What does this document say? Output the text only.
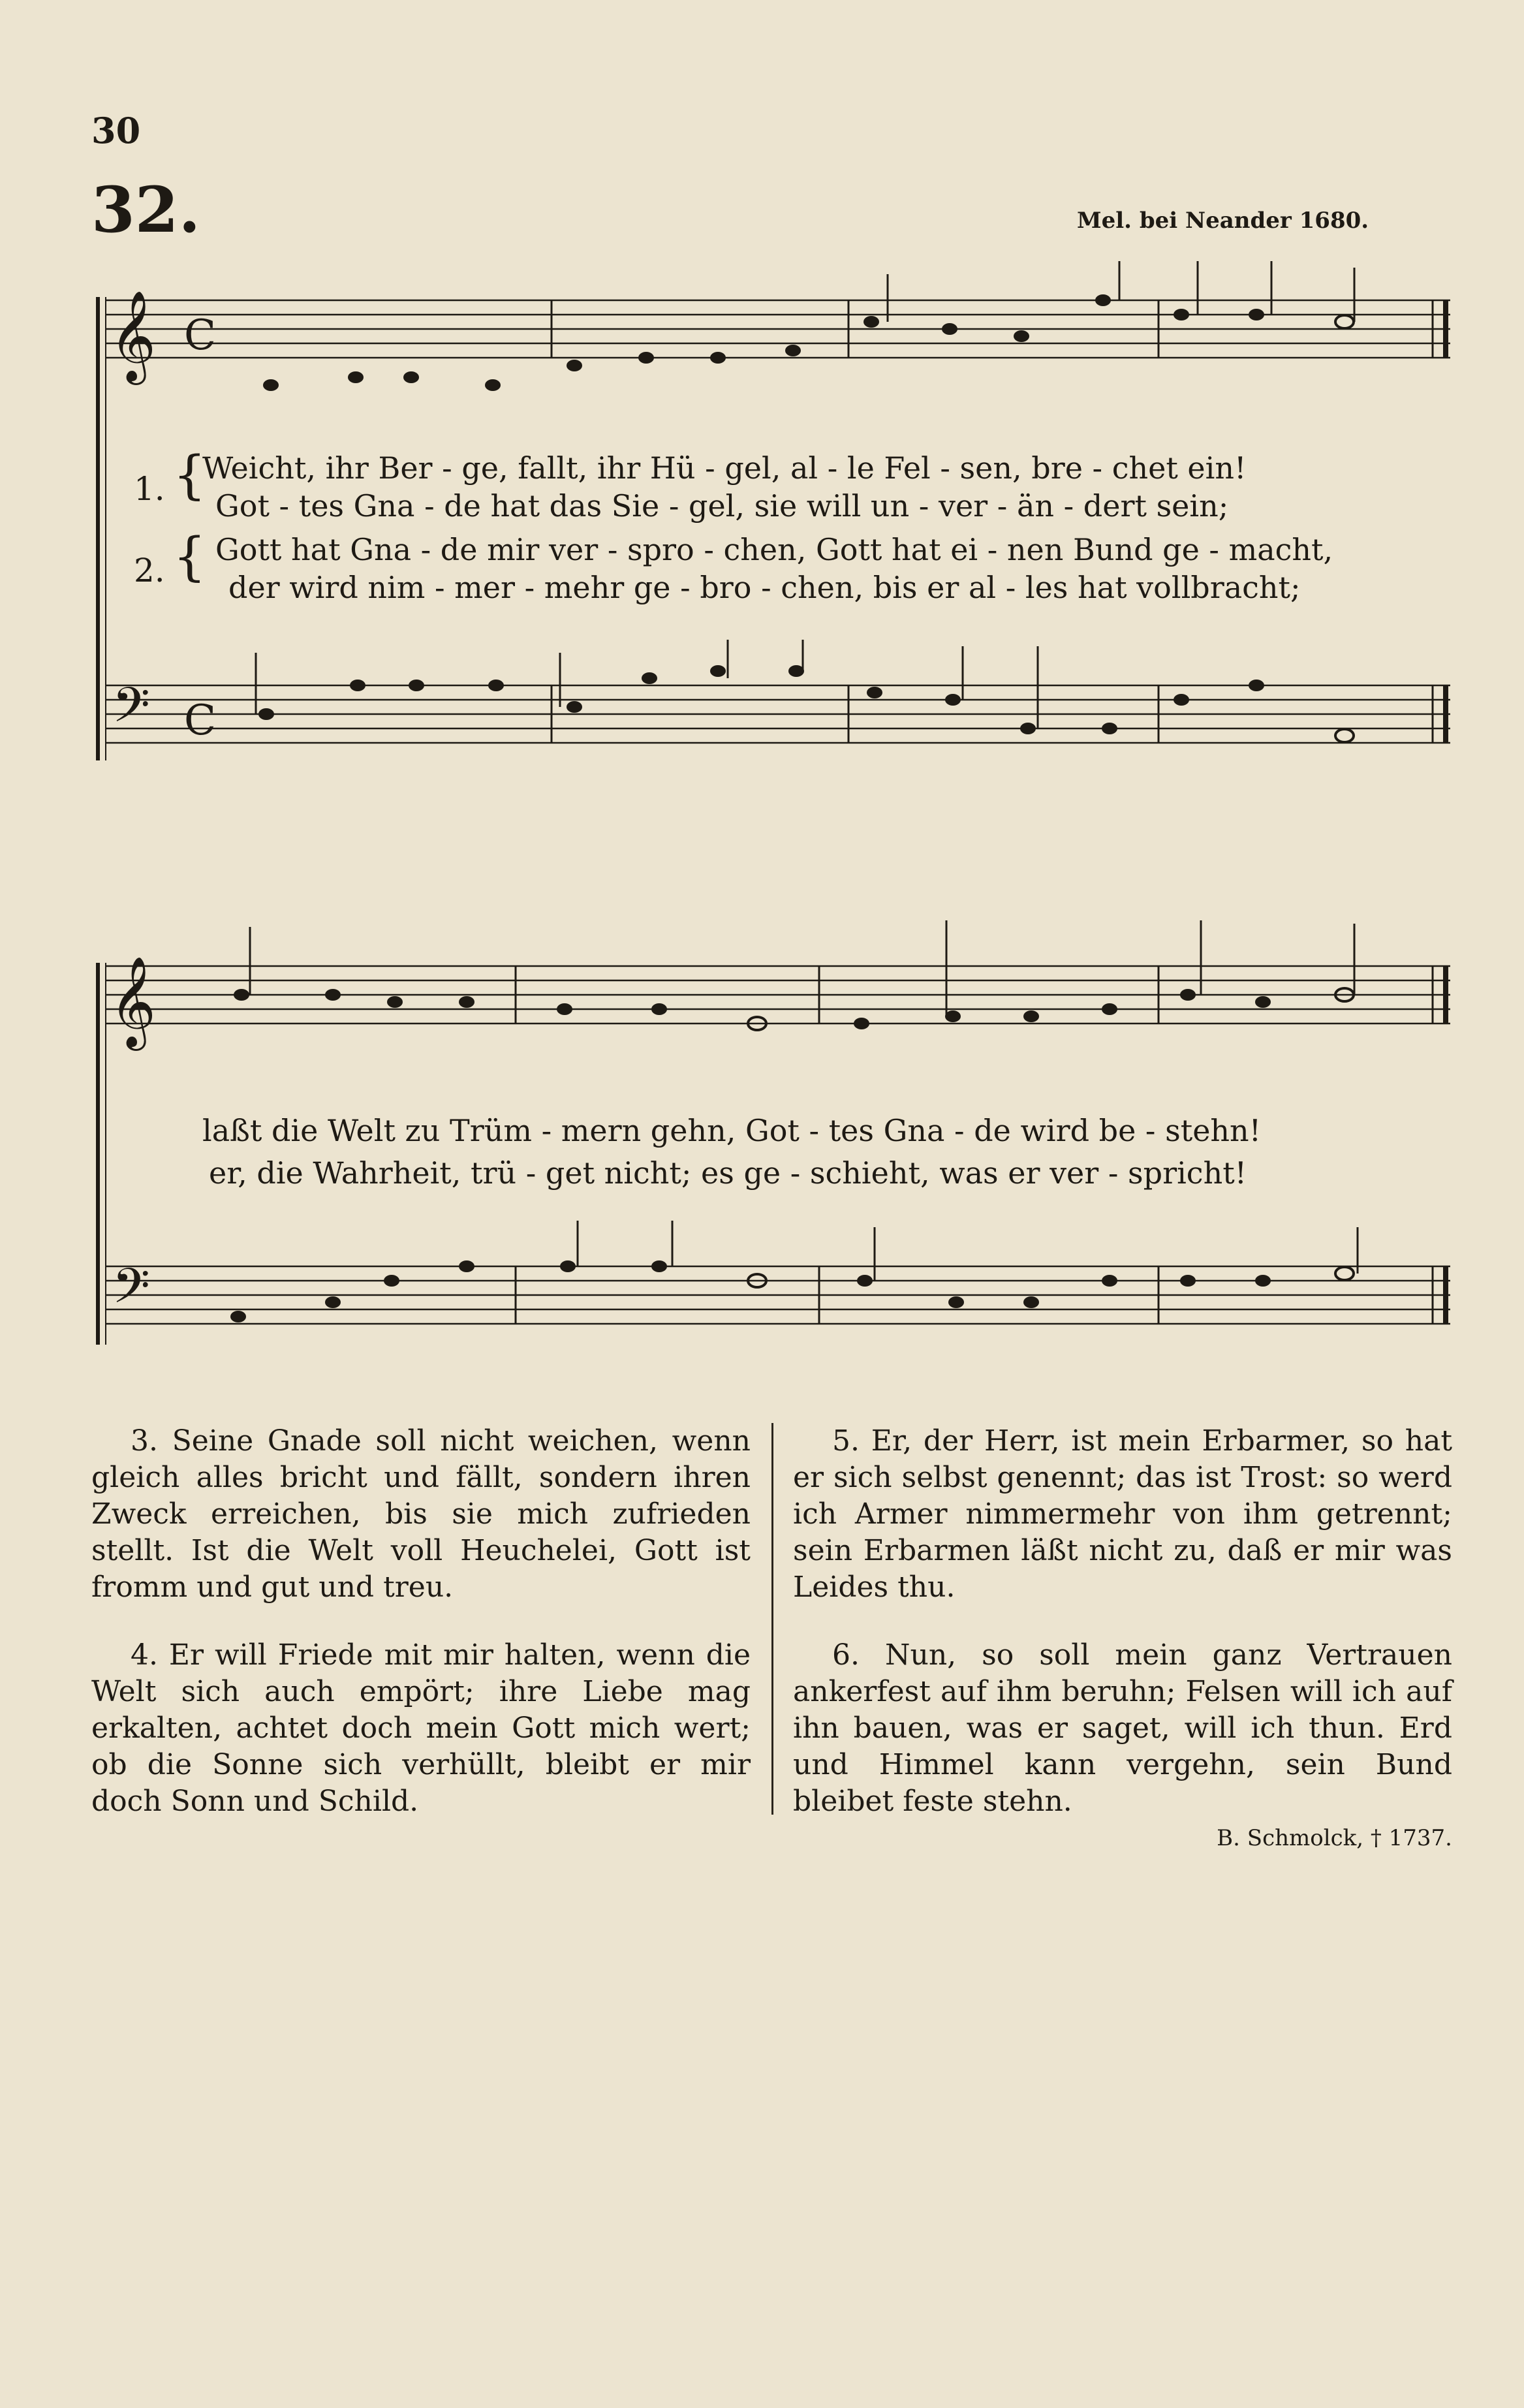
30
32.	Mel. bei Neander 1680.
𝄞 C
𝄢 C
𝄞
𝄢
1. {
Weicht, ihr Ber - ge, fallt, ihr Hü - gel, al - le Fel - sen, bre - chet ein!
Got - tes Gna - de hat das Sie - gel, sie will un - ver - än - dert sein;
2. { Gott hat Gna - de mir ver - spro - chen, Gott hat ei - nen Bund ge - macht,
der wird nim - mer - mehr ge - bro - chen, bis er al - les hat vollbracht;
laßt die Welt zu Trüm - mern gehn, Got - tes Gna - de wird be - stehn!
er, die Wahrheit, trü - get nicht; es ge - schieht, was er ver - spricht!

3. Seine Gnade soll nicht weichen, wenn gleich alles bricht und fällt, sondern ihren Zweck erreichen, bis sie mich zufrieden stellt. Ist die Welt voll Heuchelei, Gott ist fromm und gut und treu.

4. Er will Friede mit mir halten, wenn die Welt sich auch empört; ihre Liebe mag erkalten, achtet doch mein Gott mich wert; ob die Sonne sich verhüllt, bleibt er mir doch Sonn und Schild.

5. Er, der Herr, ist mein Erbarmer, so hat er sich selbst genennt; das ist Trost: so werd ich Armer nimmermehr von ihm getrennt; sein Erbarmen läßt nicht zu, daß er mir was Leides thu.

6. Nun, so soll mein ganz Vertrauen ankerfest auf ihm beruhn; Felsen will ich auf ihn bauen, was er saget, will ich thun. Erd und Himmel kann vergehn, sein Bund bleibet feste stehn.

B. Schmolck, † 1737.
